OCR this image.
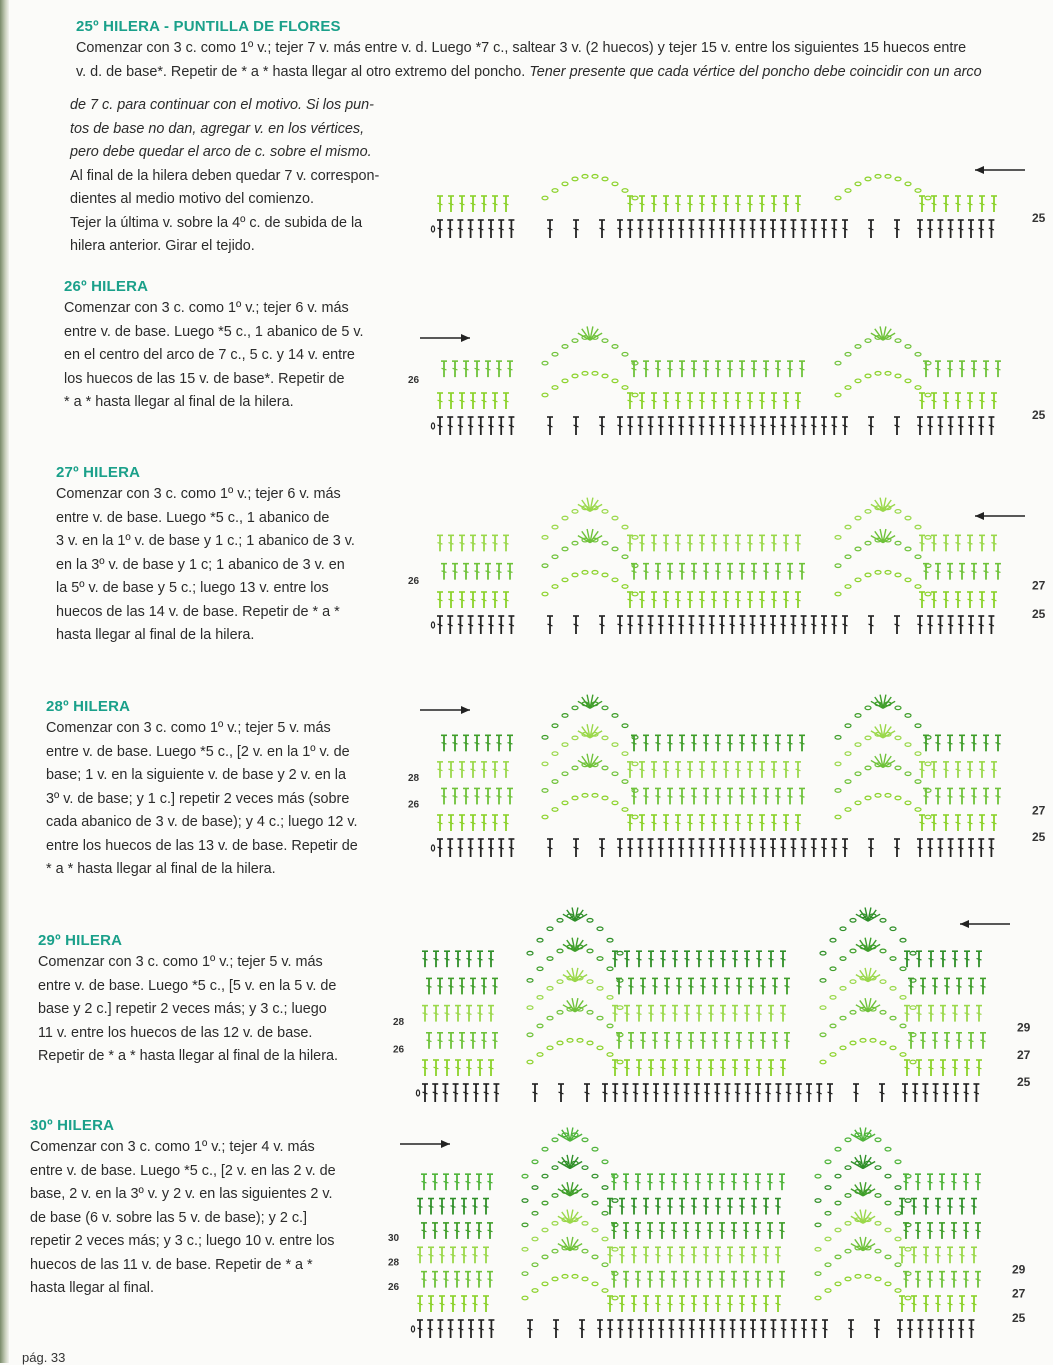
25º HILERA - PUNTILLA DE FLORES

Comenzar con 3 c. como 1º v.; tejer 7 v. más entre v. d. Luego *7 c., saltear 3 v. (2 huecos) y tejer 15 v. entre los siguientes 15 huecos entre
v. d. de base*. Repetir de * a * hasta llegar al otro extremo del poncho. Tener presente que cada vértice del poncho debe coincidir con un arco

de 7 c. para continuar con el motivo. Si los pun-
tos de base no dan, agregar v. en los vértices,
pero debe quedar el arco de c. sobre el mismo.
Al final de la hilera deben quedar 7 v. correspon-
dientes al medio motivo del comienzo.
Tejer la última v. sobre la 4º c. de subida de la
hilera anterior. Girar el tejido.

26º HILERA

Comenzar con 3 c. como 1º v.; tejer 6 v. más
entre v. de base. Luego *5 c., 1 abanico de 5 v.
en el centro del arco de 7 c., 5 c. y 14 v. entre
los huecos de las 15 v. de base*. Repetir de
* a * hasta llegar al final de la hilera.

27º HILERA

Comenzar con 3 c. como 1º v.; tejer 6 v. más
entre v. de base. Luego *5 c., 1 abanico de
3 v. en la 1º v. de base y 1 c.; 1 abanico de 3 v.
en la 3º v. de base y 1 c; 1 abanico de 3 v. en
la 5º v. de base y 5 c.; luego 13 v. entre los
huecos de las 14 v. de base. Repetir de * a *
hasta llegar al final de la hilera.

28º HILERA

Comenzar con 3 c. como 1º v.; tejer 5 v. más
entre v. de base. Luego *5 c., [2 v. en la 1º v. de
base; 1 v. en la siguiente v. de base y 2 v. en la
3º v. de base; y 1 c.] repetir 2 veces más (sobre
cada abanico de 3 v. de base); y 4 c.; luego 12 v.
entre los huecos de las 13 v. de base. Repetir de
* a * hasta llegar al final de la hilera.

29º HILERA

Comenzar con 3 c. como 1º v.; tejer 5 v. más
entre v. de base. Luego *5 c., [5 v. en la 5 v. de
base y 2 c.] repetir 2 veces más; y 3 c.; luego
11 v. entre los huecos de las 12 v. de base.
Repetir de * a * hasta llegar al final de la hilera.

30º HILERA

Comenzar con 3 c. como 1º v.; tejer 4 v. más
entre v. de base. Luego *5 c., [2 v. en las 2 v. de
base, 2 v. en la 3º v. y 2 v. en las siguientes 2 v.
de base (6 v. sobre las 5 v. de base); y 2 c.]
repetir 2 veces más; y 3 c.; luego 10 v. entre los
huecos de las 11 v. de base. Repetir de * a *
hasta llegar al final.

25
25
26
27
25
26
27
25
28
26
29
27
25
28
26
29
27
25
30
28
26
pág. 33
